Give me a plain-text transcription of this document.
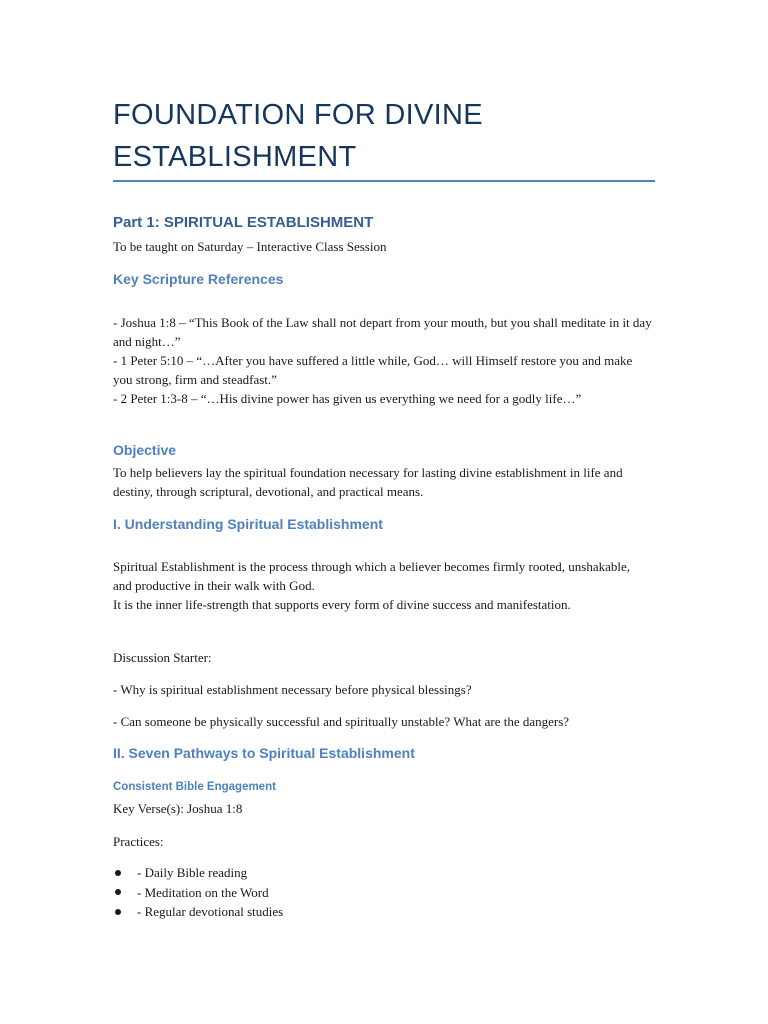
FOUNDATION FOR DIVINE
ESTABLISHMENT
Part 1: SPIRITUAL ESTABLISHMENT
To be taught on Saturday – Interactive Class Session
Key Scripture References
- Joshua 1:8 – “This Book of the Law shall not depart from your mouth, but you shall meditate in it day and night…”
- 1 Peter 5:10 – “…After you have suffered a little while, God… will Himself restore you and make you strong, firm and steadfast.”
- 2 Peter 1:3-8 – “…His divine power has given us everything we need for a godly life…”
Objective
To help believers lay the spiritual foundation necessary for lasting divine establishment in life and destiny, through scriptural, devotional, and practical means.
I. Understanding Spiritual Establishment
Spiritual Establishment is the process through which a believer becomes firmly rooted, unshakable, and productive in their walk with God.
It is the inner life-strength that supports every form of divine success and manifestation.
Discussion Starter:
- Why is spiritual establishment necessary before physical blessings?
- Can someone be physically successful and spiritually unstable? What are the dangers?
II. Seven Pathways to Spiritual Establishment
Consistent Bible Engagement
Key Verse(s): Joshua 1:8
Practices:
- Daily Bible reading
- Meditation on the Word
- Regular devotional studies
